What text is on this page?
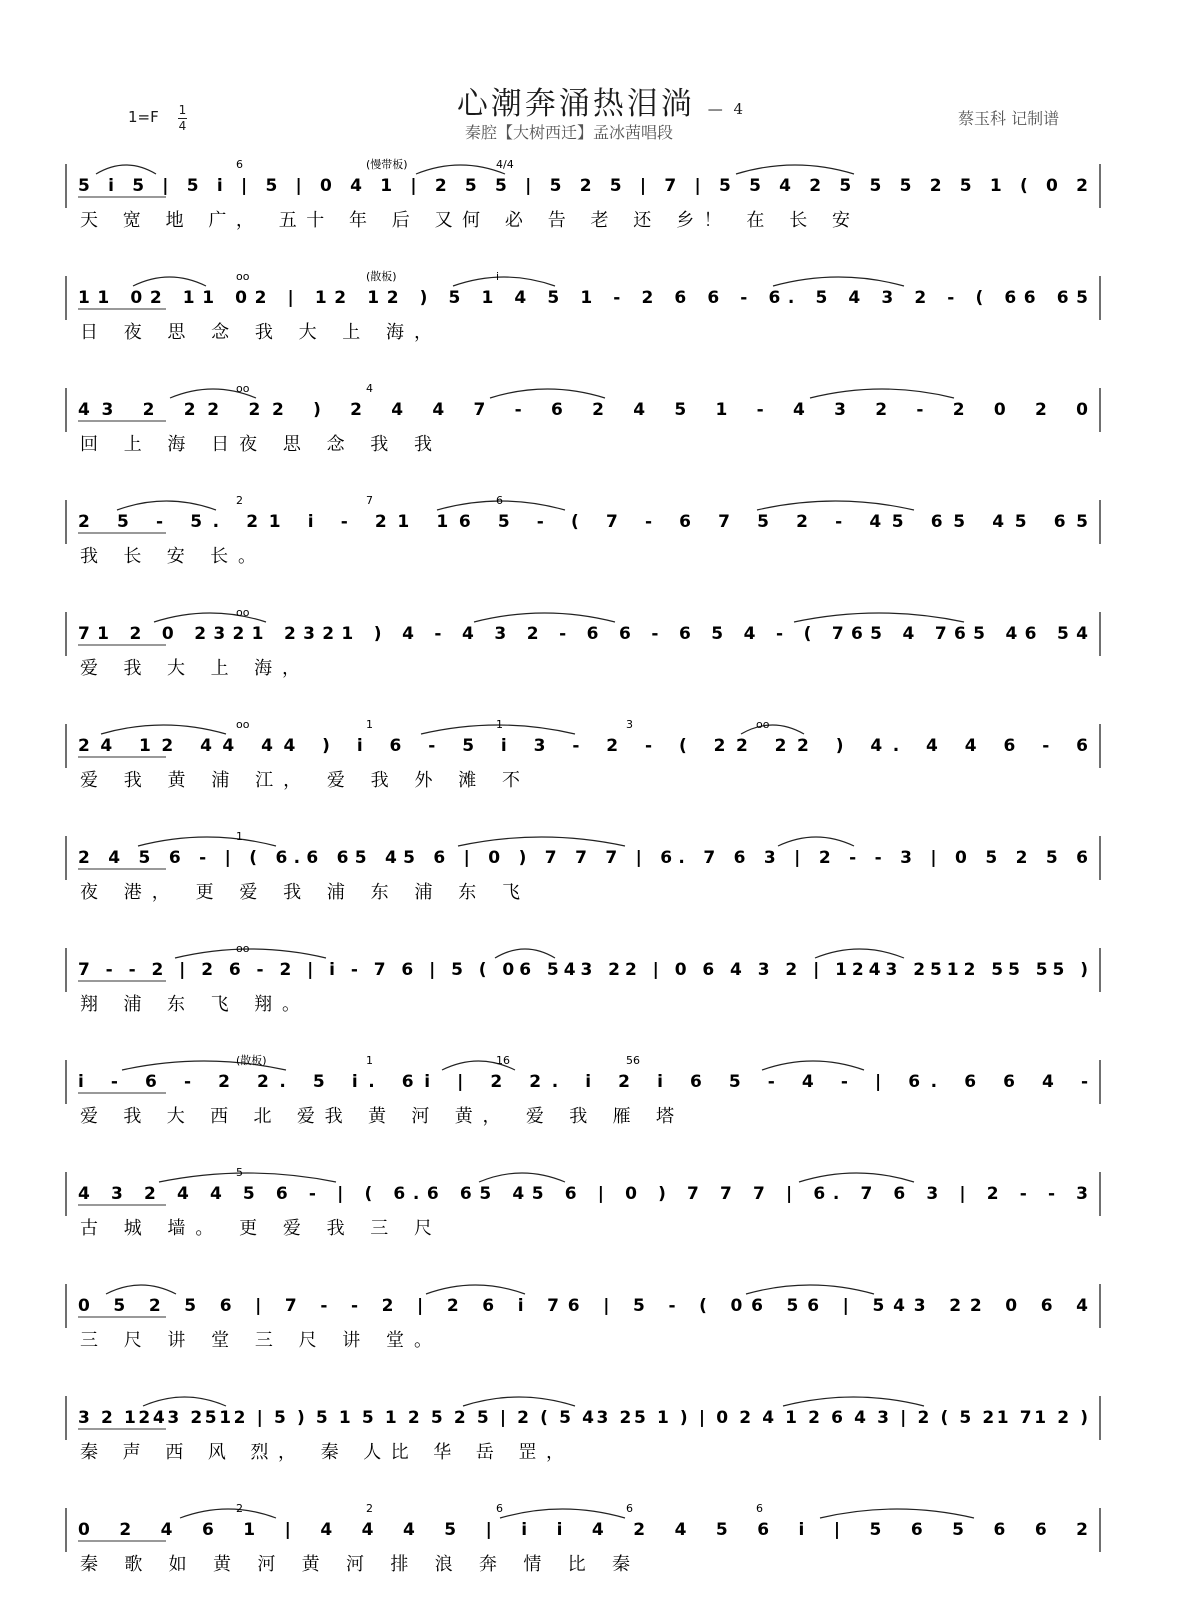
心潮奔涌热泪淌 — 4
秦腔【大树西迁】孟冰茜唱段
1=F 1
4	蔡玉科 记制谱
5 i 5 | 5 i | 5 | 0 4 1 | 2 5 5 | 5 2 5 | 7 | 5 5 4 2 5 5 5 2 5 1 ( 0 2
6	(慢带板)	4/4
天 宽 地 广， 五十 年 后 又何 必 告 老 还 乡！ 在 长 安
11 02 11 02 | 12 12 ) 5 1 4 5 1 - 2 6 6 - 6. 5 4 3 2 - ( 66 65
oo	(散板)	i
日 夜 思 念 我 大 上 海，
43 2 22 22 ) 2 4 4 7 - 6 2 4 5 1 - 4 3 2 - 2 0 2 0
oo	4
回 上 海 日夜 思 念 我 我
2 5 - 5. 21 i - 21 16 5 - ( 7 - 6 7 5 2 - 45 65 45 65
2	7	6
我 长 安 长。
71 2 0 2321 2321 ) 4 - 4 3 2 - 6 6 - 6 5 4 - ( 765 4 765 46 54
oo
爱 我 大 上 海，
24 12 44 44 ) i 6 - 5 i 3 - 2 - ( 22 22 ) 4. 4 4 6 - 6
oo	1	1	3	oo
爱 我 黄 浦 江， 爱 我 外 滩 不
2 4 5 6 - | ( 6.6 65 45 6 | 0 ) 7 7 7 | 6. 7 6 3 | 2 - - 3 | 0 5 2 5 6
1
夜 港， 更 爱 我 浦 东 浦 东 飞
7 - - 2 | 2 6 - 2 | i - 7 6 | 5 ( 06 543 22 | 0 6 4 3 2 | 1243 2512 55 55 )
oo
翔 浦 东 飞 翔。
i - 6 - 2 2. 5 i. 6i | 2 2. i 2 i 6 5 - 4 - | 6. 6 6 4 -
(散板)	1	16	56
爱 我 大 西 北 爱我 黄 河 黄， 爱 我 雁 塔
4 3 2 4 4 5 6 - | ( 6.6 65 45 6 | 0 ) 7 7 7 | 6. 7 6 3 | 2 - - 3
5
古 城 墙。 更 爱 我 三 尺
0 5 2 5 6 | 7 - - 2 | 2 6 i 76 | 5 - ( 06 56 | 543 22 0 6 4
三 尺 讲 堂 三 尺 讲 堂。
3 2 1243 2512 | 5 ) 5 1 5 1 2 5 2 5 | 2 ( 5 43 25 1 ) | 0 2 4 1 2 6 4 3 | 2 ( 5 21 71 2 )
秦 声 西 风 烈， 秦 人比 华 岳 罡，
0 2 4 6 1 | 4 4 4 5 | i i 4 2 4 5 6 i | 5 6 5 6 6 2
2	2	6	6	6
秦 歌 如 黄 河 黄 河 排 浪 奔 情 比 秦
